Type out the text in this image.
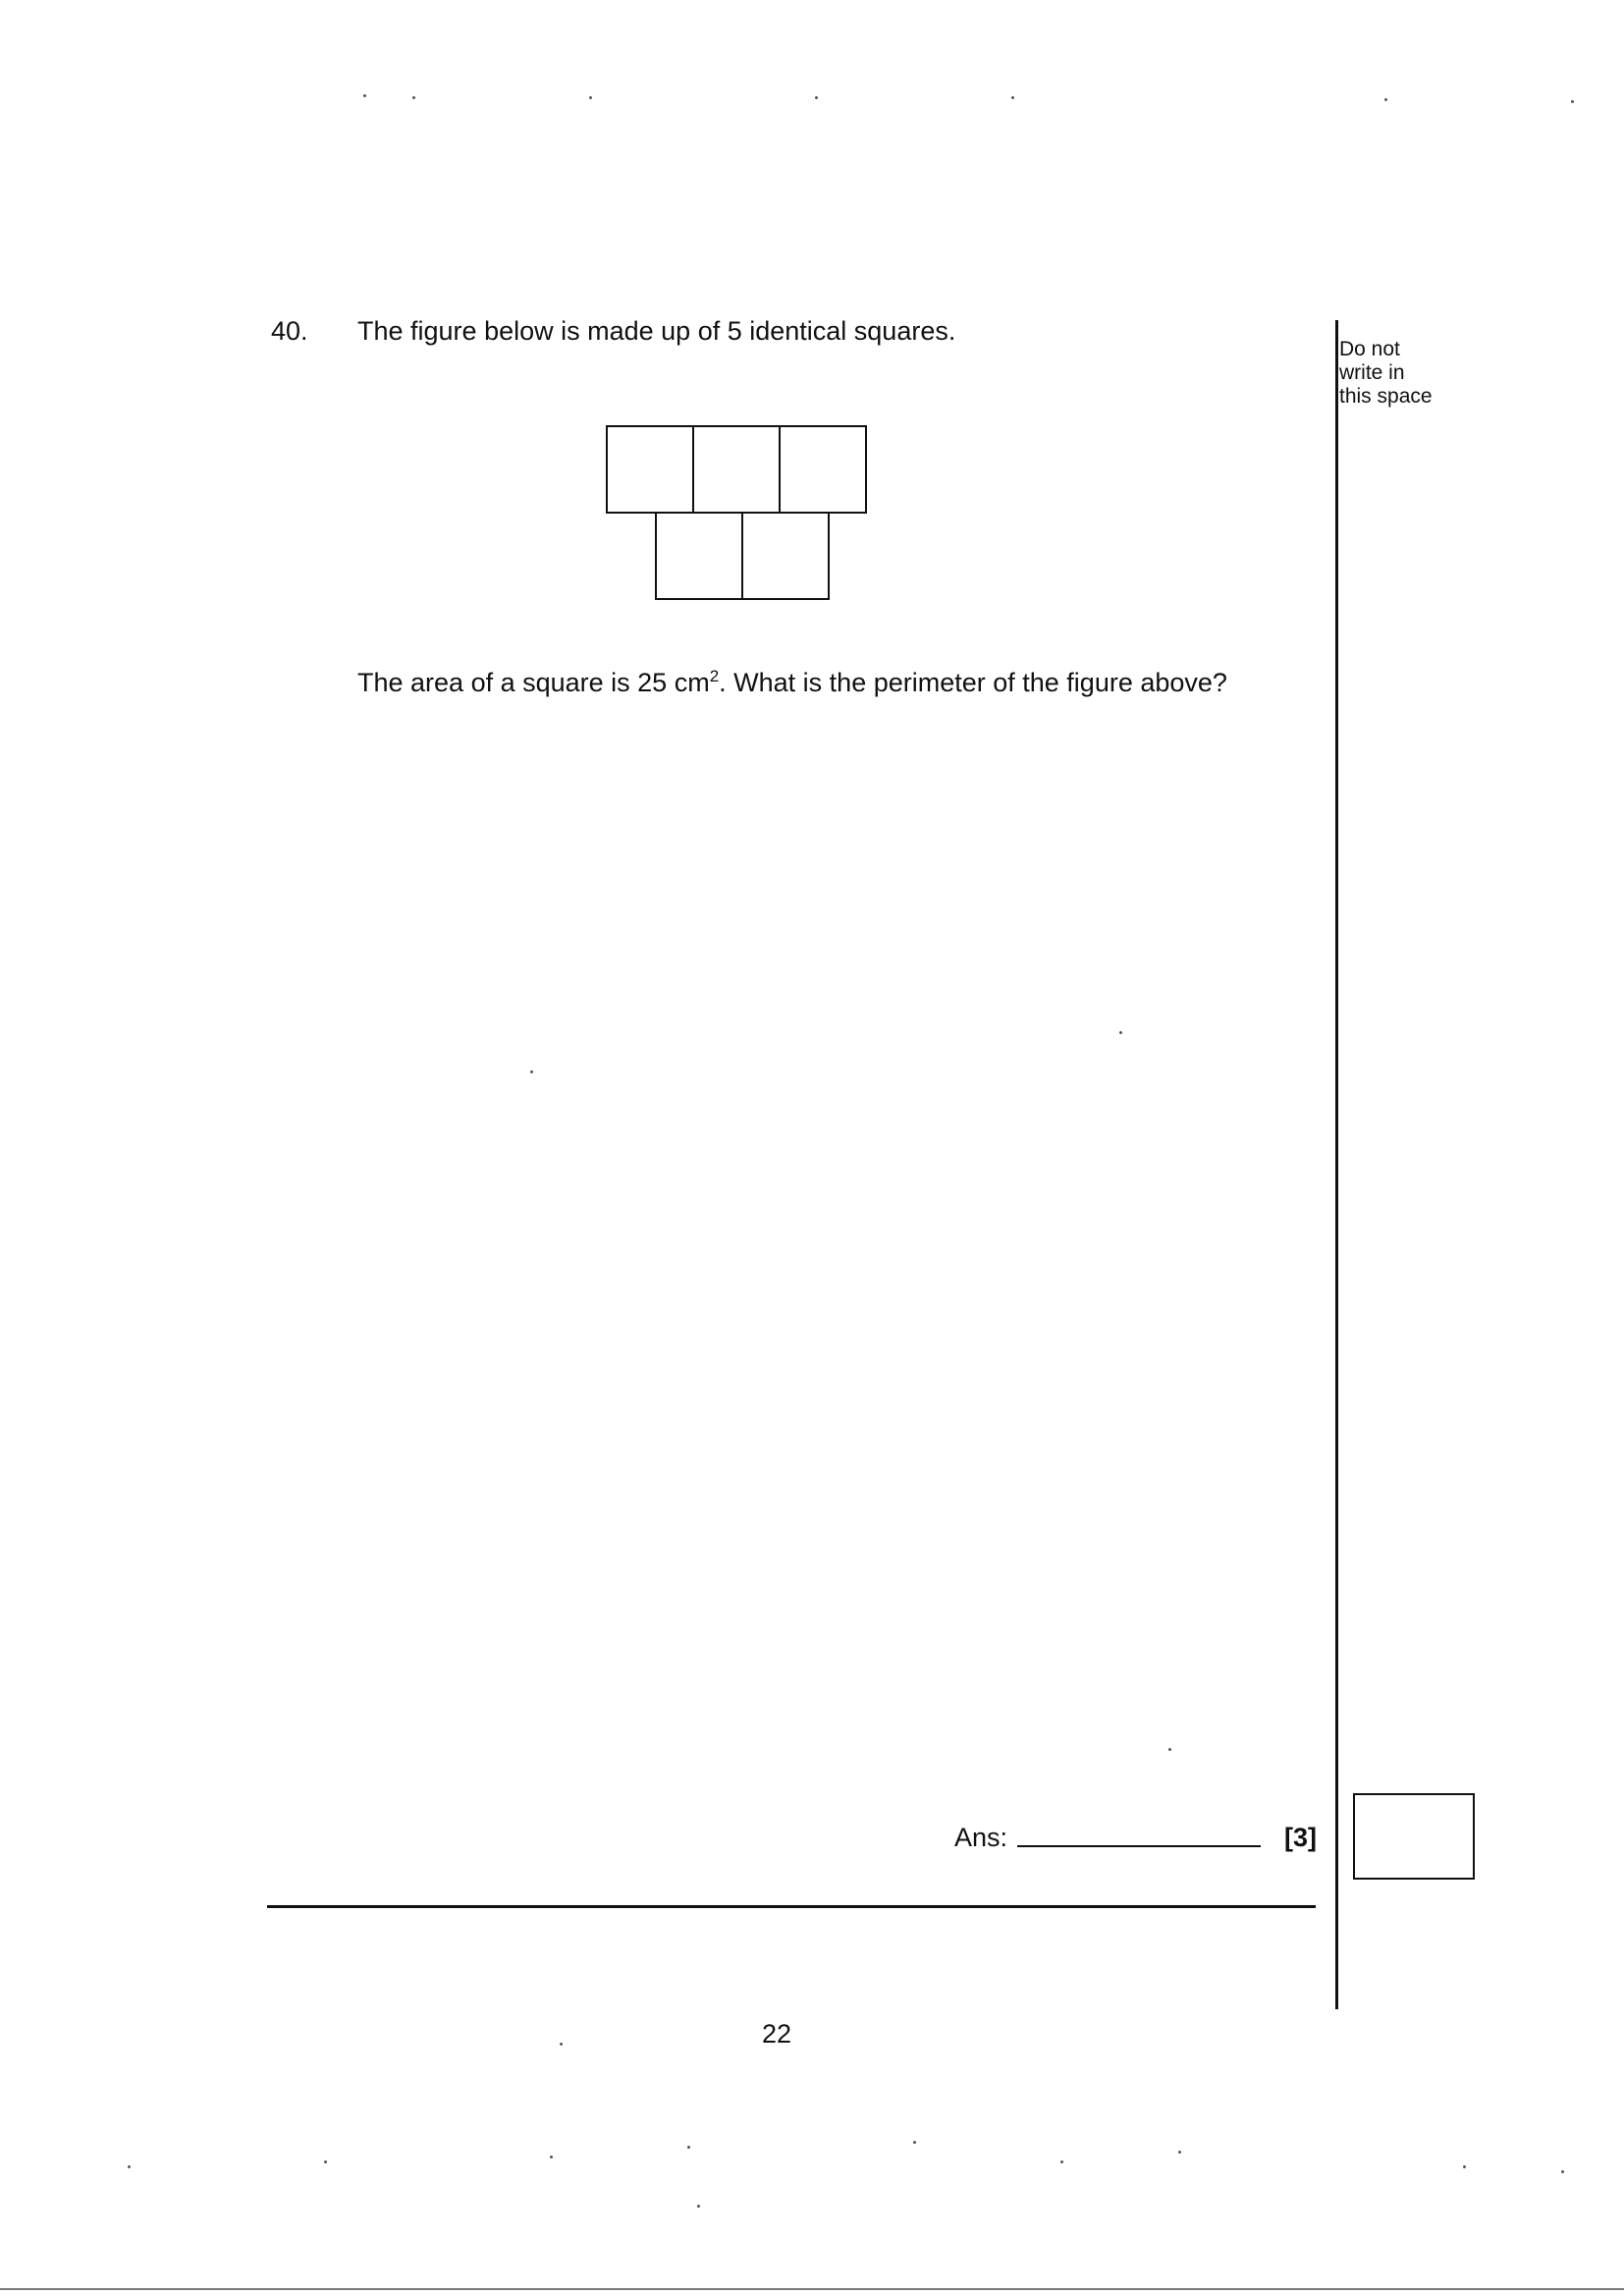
40. The figure below is made up of 5 identical squares.
The area of a square is 25 $cm^2$. What is the perimeter of the figure above?
Do not
write in
this space
Ans:	[3]
22
